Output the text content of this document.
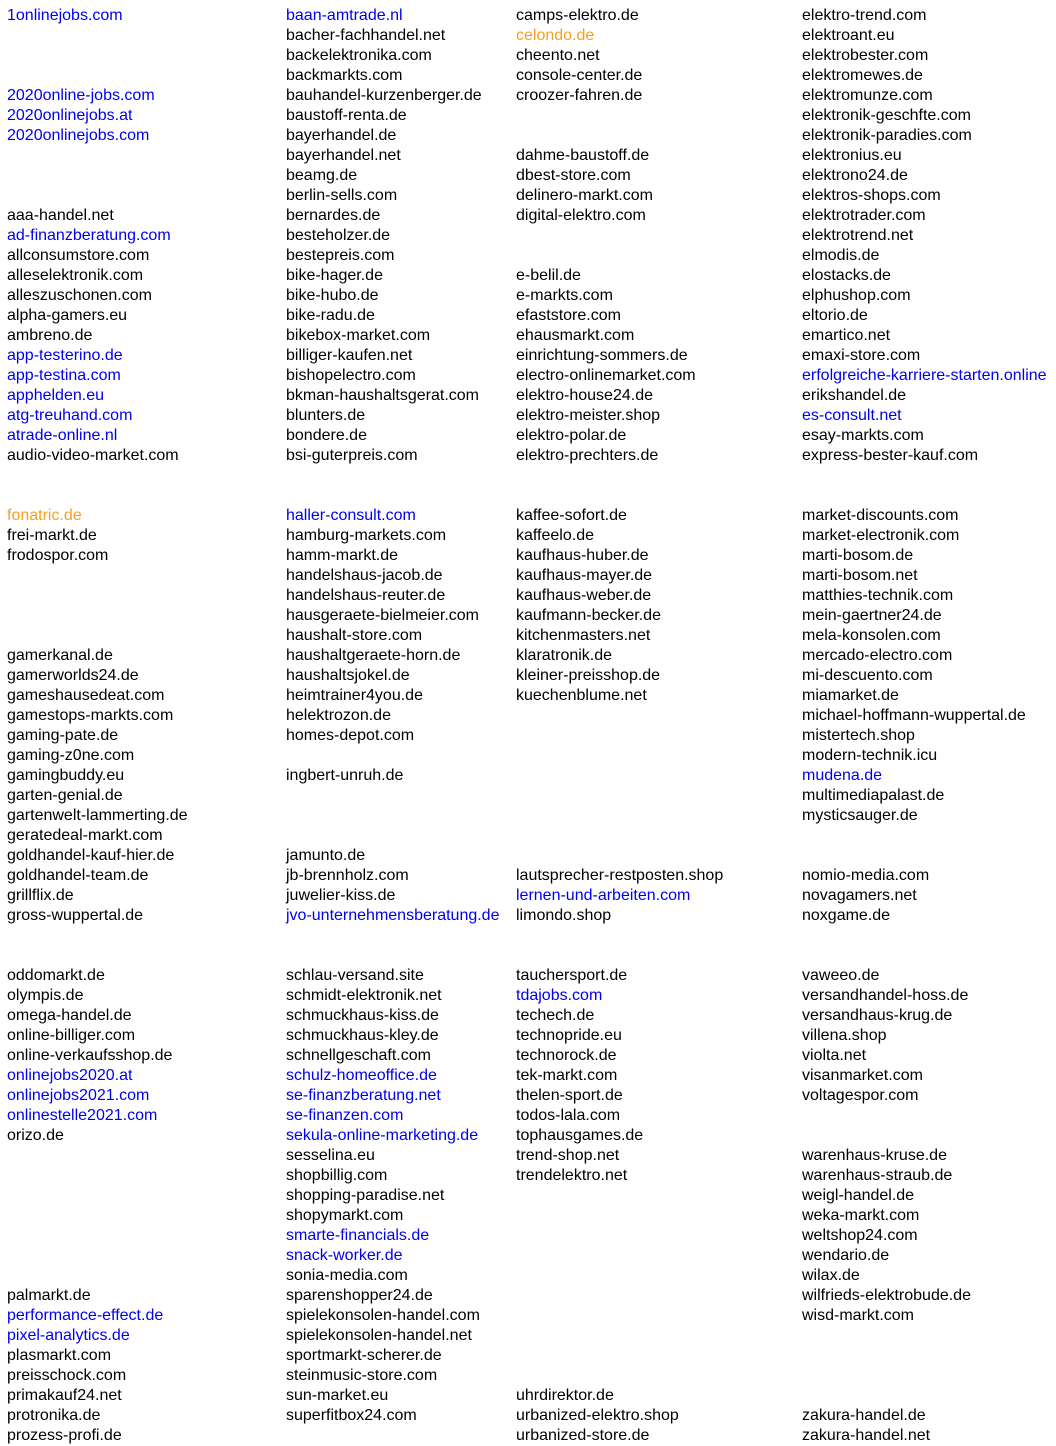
1onlinejobs.com
2020online-jobs.com
2020onlinejobs.at
2020onlinejobs.com
aaa-handel.net
ad-finanzberatung.com
allconsumstore.com
alleselektronik.com
alleszuschonen.com
alpha-gamers.eu
ambreno.de
app-testerino.de
app-testina.com
apphelden.eu
atg-treuhand.com
atrade-online.nl
audio-video-market.com
fonatric.de
frei-markt.de
frodospor.com
gamerkanal.de
gamerworlds24.de
gameshausedeat.com
gamestops-markts.com
gaming-pate.de
gaming-z0ne.com
gamingbuddy.eu
garten-genial.de
gartenwelt-lammerting.de
geratedeal-markt.com
goldhandel-kauf-hier.de
goldhandel-team.de
grillflix.de
gross-wuppertal.de
oddomarkt.de
olympis.de
omega-handel.de
online-billiger.com
online-verkaufsshop.de
onlinejobs2020.at
onlinejobs2021.com
onlinestelle2021.com
orizo.de
palmarkt.de
performance-effect.de
pixel-analytics.de
plasmarkt.com
preisschock.com
primakauf24.net
protronika.de
prozess-profi.de
baan-amtrade.nl
bacher-fachhandel.net
backelektronika.com
backmarkts.com
bauhandel-kurzenberger.de
baustoff-renta.de
bayerhandel.de
bayerhandel.net
beamg.de
berlin-sells.com
bernardes.de
besteholzer.de
bestepreis.com
bike-hager.de
bike-hubo.de
bike-radu.de
bikebox-market.com
billiger-kaufen.net
bishopelectro.com
bkman-haushaltsgerat.com
blunters.de
bondere.de
bsi-guterpreis.com
haller-consult.com
hamburg-markets.com
hamm-markt.de
handelshaus-jacob.de
handelshaus-reuter.de
hausgeraete-bielmeier.com
haushalt-store.com
haushaltgeraete-horn.de
haushaltsjokel.de
heimtrainer4you.de
helektrozon.de
homes-depot.com
ingbert-unruh.de
jamunto.de
jb-brennholz.com
juwelier-kiss.de
jvo-unternehmensberatung.de
schlau-versand.site
schmidt-elektronik.net
schmuckhaus-kiss.de
schmuckhaus-kley.de
schnellgeschaft.com
schulz-homeoffice.de
se-finanzberatung.net
se-finanzen.com
sekula-online-marketing.de
sesselina.eu
shopbillig.com
shopping-paradise.net
shopymarkt.com
smarte-financials.de
snack-worker.de
sonia-media.com
sparenshopper24.de
spielekonsolen-handel.com
spielekonsolen-handel.net
sportmarkt-scherer.de
steinmusic-store.com
sun-market.eu
superfitbox24.com
camps-elektro.de
celondo.de
cheento.net
console-center.de
croozer-fahren.de
dahme-baustoff.de
dbest-store.com
delinero-markt.com
digital-elektro.com
e-belil.de
e-markts.com
efaststore.com
ehausmarkt.com
einrichtung-sommers.de
electro-onlinemarket.com
elektro-house24.de
elektro-meister.shop
elektro-polar.de
elektro-prechters.de
kaffee-sofort.de
kaffeelo.de
kaufhaus-huber.de
kaufhaus-mayer.de
kaufhaus-weber.de
kaufmann-becker.de
kitchenmasters.net
klaratronik.de
kleiner-preisshop.de
kuechenblume.net
lautsprecher-restposten.shop
lernen-und-arbeiten.com
limondo.shop
tauchersport.de
tdajobs.com
techech.de
technopride.eu
technorock.de
tek-markt.com
thelen-sport.de
todos-lala.com
tophausgames.de
trend-shop.net
trendelektro.net
uhrdirektor.de
urbanized-elektro.shop
urbanized-store.de
elektro-trend.com
elektroant.eu
elektrobester.com
elektromewes.de
elektromunze.com
elektronik-geschfte.com
elektronik-paradies.com
elektronius.eu
elektrono24.de
elektros-shops.com
elektrotrader.com
elektrotrend.net
elmodis.de
elostacks.de
elphushop.com
eltorio.de
emartico.net
emaxi-store.com
erfolgreiche-karriere-starten.online
erikshandel.de
es-consult.net
esay-markts.com
express-bester-kauf.com
market-discounts.com
market-electronik.com
marti-bosom.de
marti-bosom.net
matthies-technik.com
mein-gaertner24.de
mela-konsolen.com
mercado-electro.com
mi-descuento.com
miamarket.de
michael-hoffmann-wuppertal.de
mistertech.shop
modern-technik.icu
mudena.de
multimediapalast.de
mysticsauger.de
nomio-media.com
novagamers.net
noxgame.de
vaweeo.de
versandhandel-hoss.de
versandhaus-krug.de
villena.shop
violta.net
visanmarket.com
voltagespor.com
warenhaus-kruse.de
warenhaus-straub.de
weigl-handel.de
weka-markt.com
weltshop24.com
wendario.de
wilax.de
wilfrieds-elektrobude.de
wisd-markt.com
zakura-handel.de
zakura-handel.net
